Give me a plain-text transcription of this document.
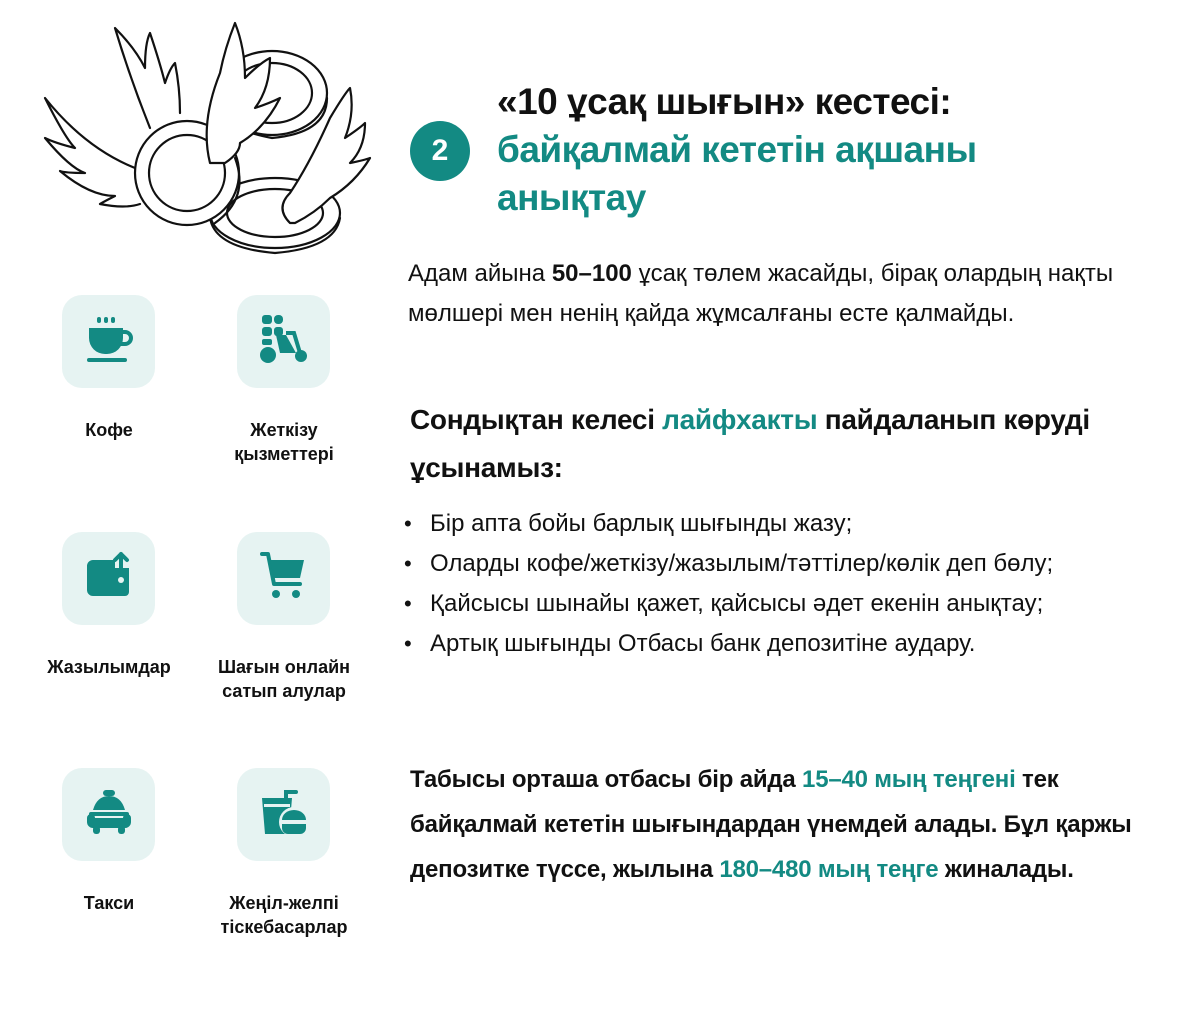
Кофе	Жеткізу қызметтері
Жазылымдар	Шағын онлайн сатып алулар
Такси	Жеңіл-желпі тіскебасарлар
2
«10 ұсақ шығын» кестесі:
байқалмай кететін ақшаны
анықтау
Адам айына 50–100 ұсақ төлем жасайды, бірақ олардың нақты мөлшері мен ненің қайда жұмсалғаны есте қалмайды.
Сондықтан келесі лайфхакты пайдаланып көруді ұсынамыз:
• Бір апта бойы барлық шығынды жазу;
• Оларды кофе/жеткізу/жазылым/тәттілер/көлік деп бөлу;
• Қайсысы шынайы қажет, қайсысы әдет екенін анықтау;
• Артық шығынды Отбасы банк депозитіне аудару.
Табысы орташа отбасы бір айда 15–40 мың теңгені тек байқалмай кететін шығындардан үнемдей алады. Бұл қаржы депозитке түссе, жылына 180–480 мың теңге жиналады.
